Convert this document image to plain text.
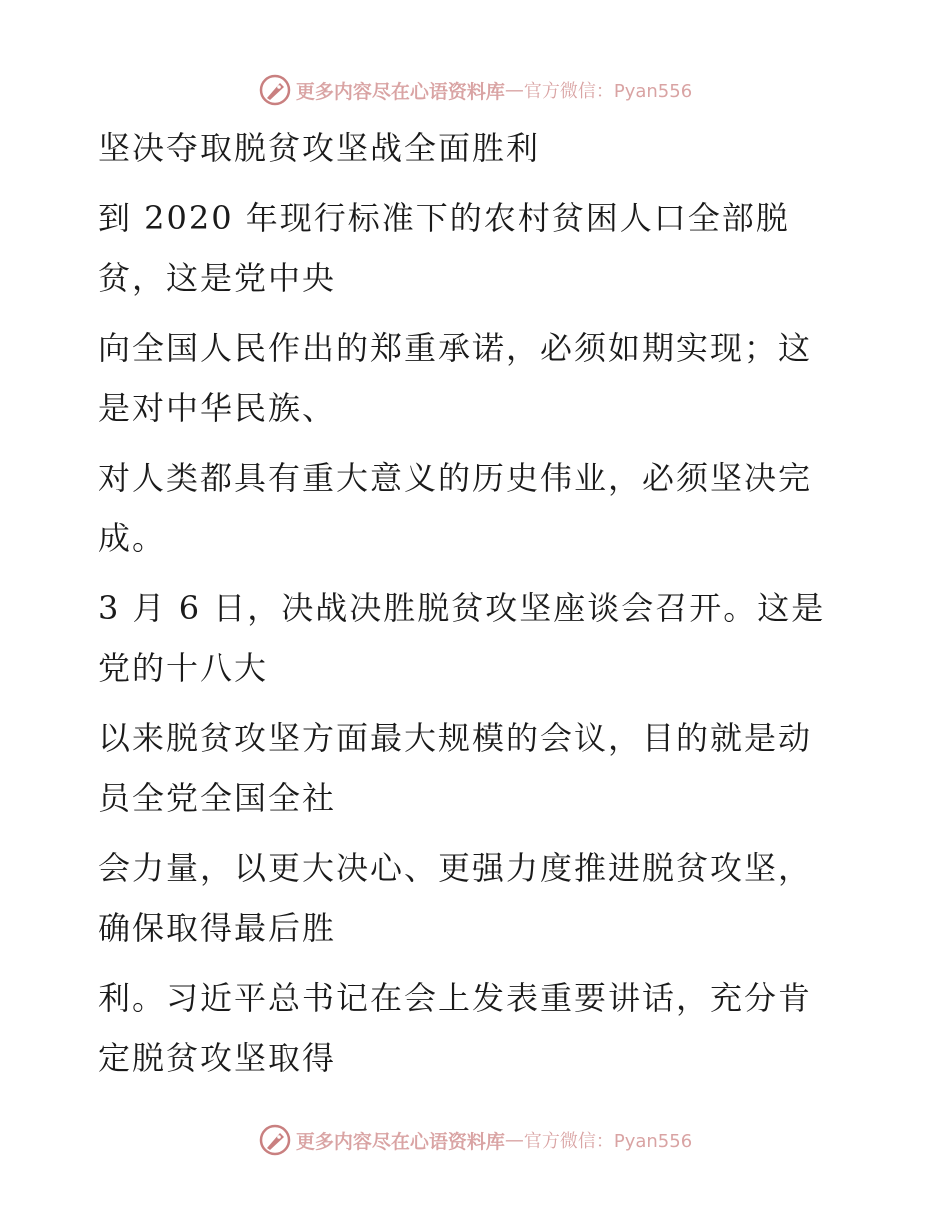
更多内容尽在心语资料库 — 官方微信：Pyan556
坚决夺取脱贫攻坚战全面胜利
到 2020 年现行标准下的农村贫困人口全部脱
贫，这是党中央
向全国人民作出的郑重承诺，必须如期实现；这
是对中华民族、
对人类都具有重大意义的历史伟业，必须坚决完
成。
3 月 6 日，决战决胜脱贫攻坚座谈会召开。这是
党的十八大
以来脱贫攻坚方面最大规模的会议，目的就是动
员全党全国全社
会力量，以更大决心、更强力度推进脱贫攻坚，
确保取得最后胜
利。习近平总书记在会上发表重要讲话，充分肯
定脱贫攻坚取得
更多内容尽在心语资料库 — 官方微信：Pyan556
